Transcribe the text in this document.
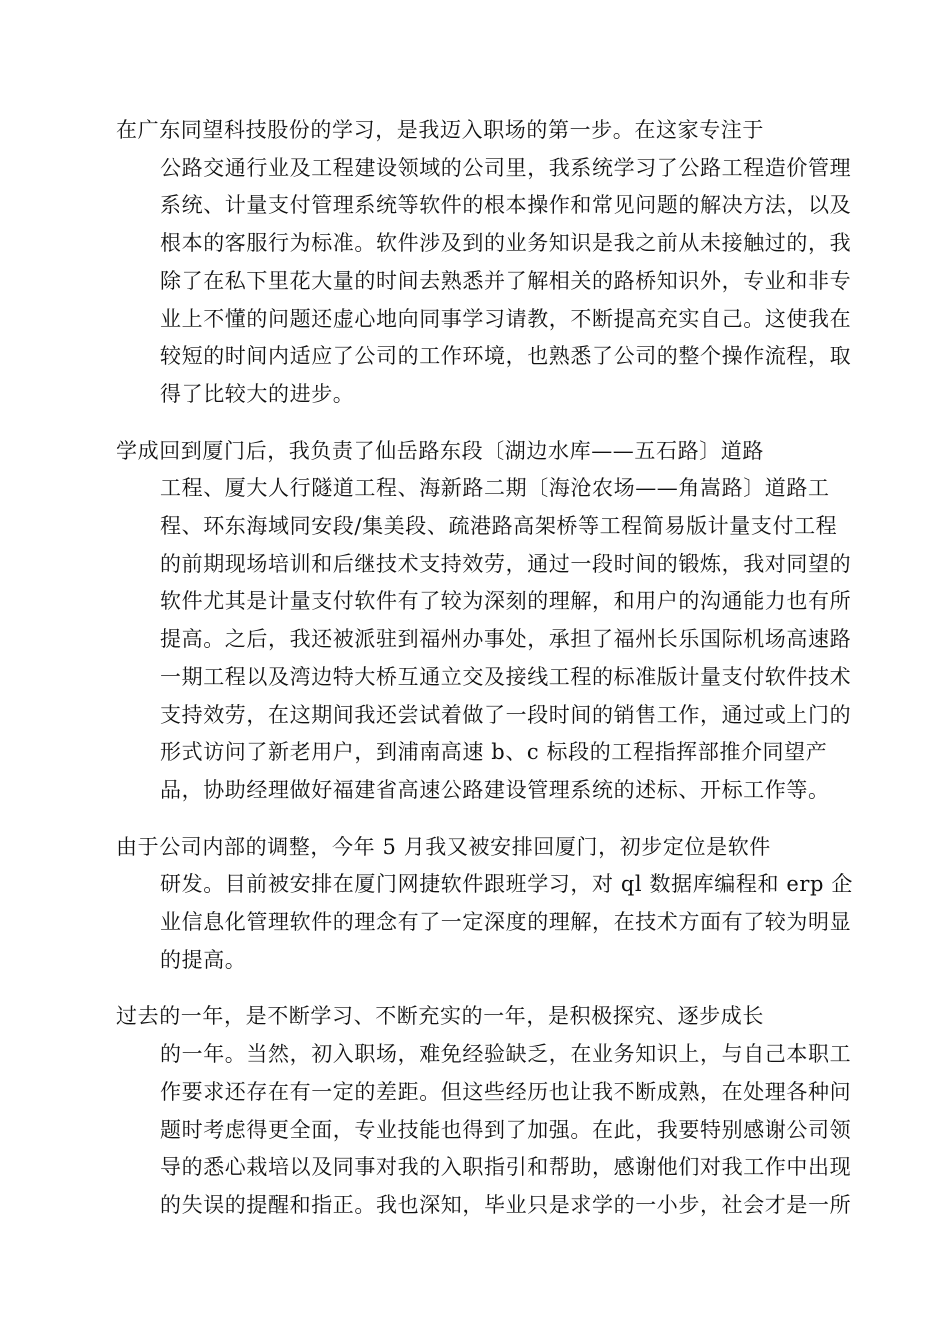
在广东同望科技股份的学习，是我迈入职场的第一步。在这家专注于
公路交通行业及工程建设领域的公司里，我系统学习了公路工程造价管理
系统、计量支付管理系统等软件的根本操作和常见问题的解决方法，以及
根本的客服行为标准。软件涉及到的业务知识是我之前从未接触过的，我
除了在私下里花大量的时间去熟悉并了解相关的路桥知识外，专业和非专
业上不懂的问题还虚心地向同事学习请教，不断提高充实自己。这使我在
较短的时间内适应了公司的工作环境，也熟悉了公司的整个操作流程，取
得了比较大的进步。

学成回到厦门后，我负责了仙岳路东段〔湖边水库——五石路〕道路
工程、厦大人行隧道工程、海新路二期〔海沧农场——角嵩路〕道路工
程、环东海域同安段/集美段、疏港路高架桥等工程简易版计量支付工程
的前期现场培训和后继技术支持效劳，通过一段时间的锻炼，我对同望的
软件尤其是计量支付软件有了较为深刻的理解，和用户的沟通能力也有所
提高。之后，我还被派驻到福州办事处，承担了福州长乐国际机场高速路
一期工程以及湾边特大桥互通立交及接线工程的标准版计量支付软件技术
支持效劳，在这期间我还尝试着做了一段时间的销售工作，通过或上门的
形式访问了新老用户，到浦南高速 b、c 标段的工程指挥部推介同望产
品，协助经理做好福建省高速公路建设管理系统的述标、开标工作等。

由于公司内部的调整，今年 5 月我又被安排回厦门，初步定位是软件
研发。目前被安排在厦门网捷软件跟班学习，对 ql 数据库编程和 erp 企
业信息化管理软件的理念有了一定深度的理解，在技术方面有了较为明显
的提高。

过去的一年，是不断学习、不断充实的一年，是积极探究、逐步成长
的一年。当然，初入职场，难免经验缺乏，在业务知识上，与自己本职工
作要求还存在有一定的差距。但这些经历也让我不断成熟，在处理各种问
题时考虑得更全面，专业技能也得到了加强。在此，我要特别感谢公司领
导的悉心栽培以及同事对我的入职指引和帮助，感谢他们对我工作中出现
的失误的提醒和指正。我也深知，毕业只是求学的一小步，社会才是一所
